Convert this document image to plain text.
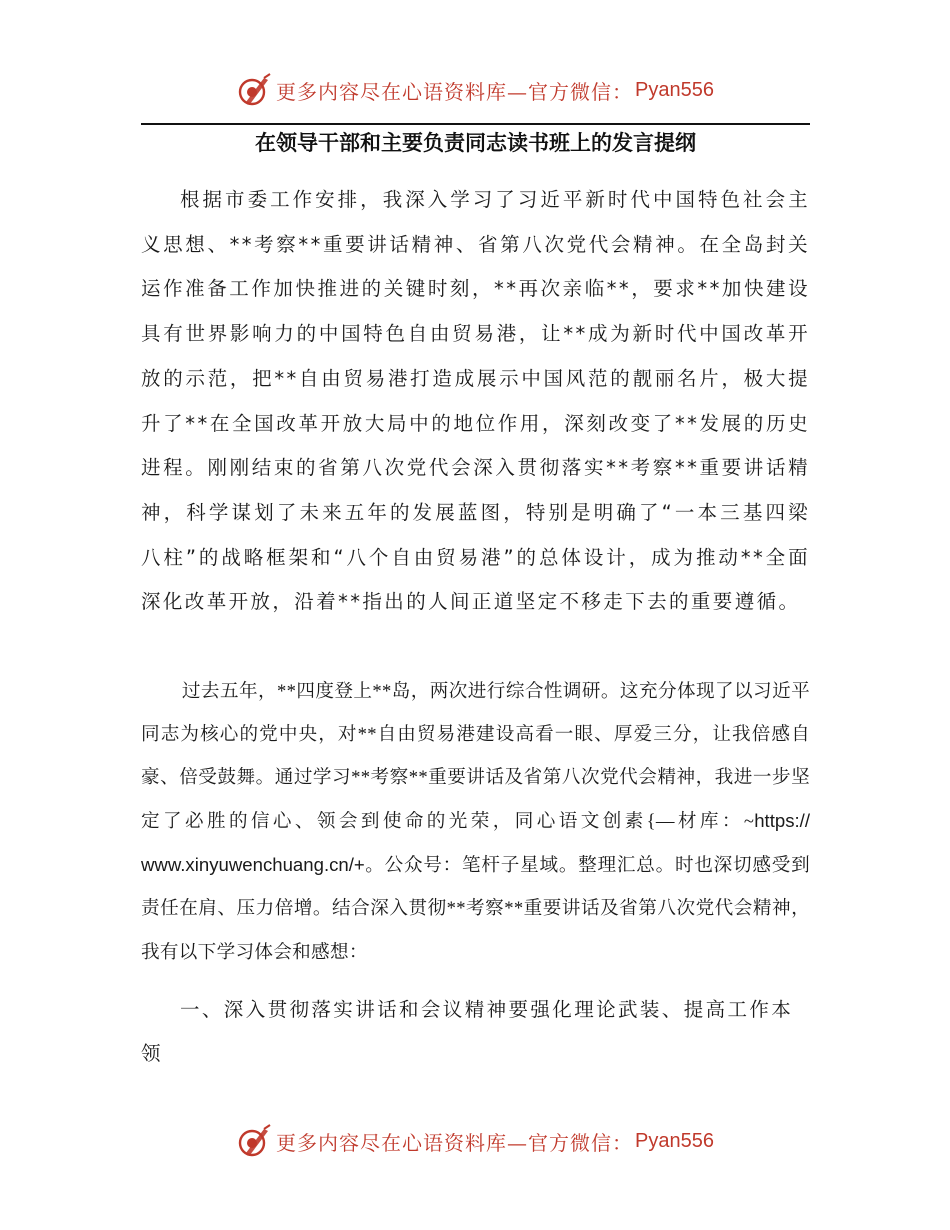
更多内容尽在心语资料库—官方微信： Pyan556
在领导干部和主要负责同志读书班上的发言提纲

根据市委工作安排，我深入学习了习近平新时代中国特色社会主义思想、**考察**重要讲话精神、省第八次党代会精神。在全岛封关运作准备工作加快推进的关键时刻，**再次亲临**，要求**加快建设具有世界影响力的中国特色自由贸易港，让**成为新时代中国改革开放的示范，把**自由贸易港打造成展示中国风范的靓丽名片，极大提升了**在全国改革开放大局中的地位作用，深刻改变了**发展的历史进程。刚刚结束的省第八次党代会深入贯彻落实**考察**重要讲话精神，科学谋划了未来五年的发展蓝图，特别是明确了“一本三基四梁八柱”的战略框架和“八个自由贸易港”的总体设计，成为推动**全面深化改革开放，沿着**指出的人间正道坚定不移走下去的重要遵循。

过去五年，**四度登上**岛，两次进行综合性调研。这充分体现了以习近平同志为核心的党中央，对**自由贸易港建设高看一眼、厚爱三分，让我倍感自豪、倍受鼓舞。通过学习**考察**重要讲话及省第八次党代会精神，我进一步坚定了必胜的信心、领会到使命的光荣，同心语文创素{—材库：~https:// www.xinyuwenchuang.cn/+。公众号：笔杆子星域。整理汇总。时也深切感受到责任在肩、压力倍增。结合深入贯彻**考察**重要讲话及省第八次党代会精神，我有以下学习体会和感想：

一、深入贯彻落实讲话和会议精神要强化理论武装、提高工作本领

更多内容尽在心语资料库—官方微信： Pyan556
